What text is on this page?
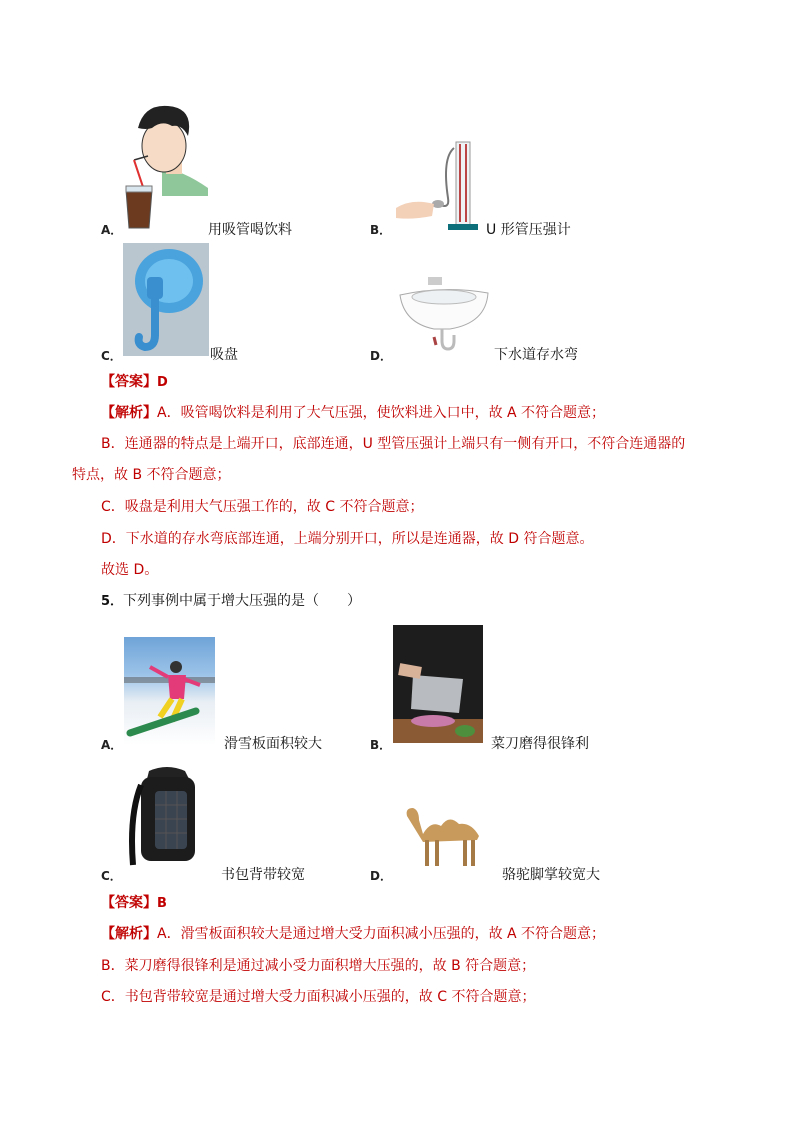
A．	用吸管喝饮料	B．	U 形管压强计
C．	吸盘	D．	下水道存水弯
【答案】D
【解析】A．吸管喝饮料是利用了大气压强，使饮料进入口中，故 A 不符合题意；
B．连通器的特点是上端开口，底部连通，U 型管压强计上端只有一侧有开口，不符合连通器的
特点，故 B 不符合题意；
C．吸盘是利用大气压强工作的，故 C 不符合题意；
D．下水道的存水弯底部连通，上端分别开口，所以是连通器，故 D 符合题意。
故选 D。
5．下列事例中属于增大压强的是（　　）
A．	滑雪板面积较大	B．	菜刀磨得很锋利
C．	书包背带较宽	D．	骆驼脚掌较宽大
【答案】B
【解析】A．滑雪板面积较大是通过增大受力面积减小压强的，故 A 不符合题意；
B．菜刀磨得很锋利是通过减小受力面积增大压强的，故 B 符合题意；
C．书包背带较宽是通过增大受力面积减小压强的，故 C 不符合题意；
